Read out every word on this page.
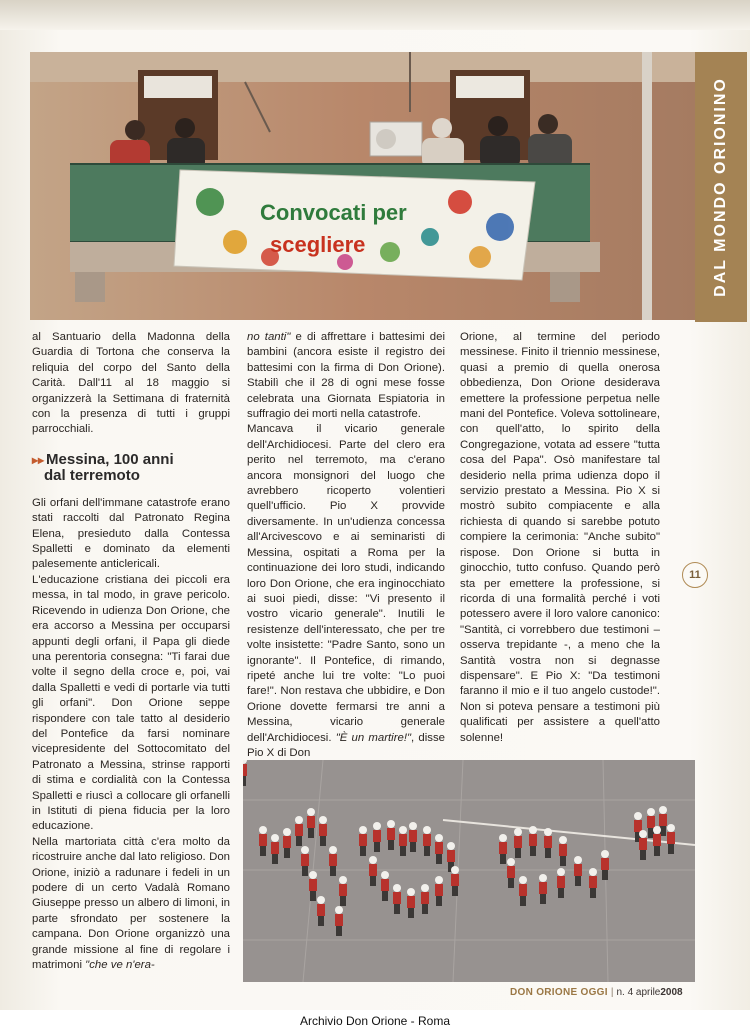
Convocati per
scegliere	DAL MONDO ORIONINO

al Santuario della Madonna della Guardia di Tortona che conserva la reliquia del corpo del Santo della Carità. Dall'11 al 18 maggio si organizzerà la Settimana di fraternità con la presenza di tutti i gruppi parrocchiali.

▸▸ Messina, 100 anni
dal terremoto

Gli orfani dell'immane catastrofe erano stati raccolti dal Patronato Regina Elena, presieduto dalla Contessa Spalletti e dominato da elementi palesemente anticlericali.

L'educazione cristiana dei piccoli era messa, in tal modo, in grave pericolo. Ricevendo in udienza Don Orione, che era accorso a Messina per occuparsi appunti degli orfani, il Papa gli diede una perentoria consegna: "Ti farai due volte il segno della croce e, poi, vai dalla Spalletti e vedi di portarle via tutti gli orfani". Don Orione seppe rispondere con tale tatto al desiderio del Pontefice da farsi nominare vicepresidente del Sottocomitato del Patronato a Messina, strinse rapporti di stima e cordialità con la Contessa Spalletti e riuscì a collocare gli orfanelli in Istituti di piena fiducia per la loro educazione.

Nella martoriata città c'era molto da ricostruire anche dal lato religioso. Don Orione, iniziò a radunare i fedeli in un podere di un certo Vadalà Romano Giuseppe presso un albero di limoni, in parte sfrondato per sostenere la campana. Don Orione organizzò una grande missione al fine di regolare i matrimoni "che ve n'era-

no tanti" e di affrettare i battesimi dei bambini (ancora esiste il registro dei battesimi con la firma di Don Orione). Stabilì che il 28 di ogni mese fosse celebrata una Giornata Espiatoria in suffragio dei morti nella catastrofe.

Mancava il vicario generale dell'Archidiocesi. Parte del clero era perito nel terremoto, ma c'erano ancora monsignori del luogo che avrebbero ricoperto volentieri quell'ufficio. Pio X provvide diversamente. In un'udienza concessa all'Arcivescovo e ai seminaristi di Messina, ospitati a Roma per la continuazione dei loro studi, indicando loro Don Orione, che era inginocchiato ai suoi piedi, disse: "Vi presento il vostro vicario generale". Inutili le resistenze dell'interessato, che per tre volte insistette: "Padre Santo, sono un ignorante". Il Pontefice, di rimando, ripeté anche lui tre volte: "Lo puoi fare!". Non restava che ubbidire, e Don Orione dovette fermarsi tre anni a Messina, vicario generale dell'Archidiocesi. "È un martire!", disse Pio X di Don

Orione, al termine del periodo messinese. Finito il triennio messinese, quasi a premio di quella onerosa obbedienza, Don Orione desiderava emettere la professione perpetua nelle mani del Pontefice. Voleva sottolinearе, con quell'atto, lo spirito della Congregazione, votata ad essere "tutta cosa del Papa". Osò manifestare tal desiderio nella prima udienza dopo il servizio prestato a Messina. Pio X si mostrò subito compiacente e alla richiesta di quando si sarebbe potuto compiere la cerimonia: "Anche subito" rispose. Don Orione si butta in ginocchio, tutto confuso. Quando però sta per emettere la professione, si ricorda di una formalità perché i voti potessero avere il loro valore canonico: "Santità, ci vorrebbero due testimoni – osserva trepidante -, a meno che la Santità vostra non si degnasse dispensare". E Pio X: "Da testimoni faranno il mio e il tuo angelo custode!". Non si poteva pensare a testimoni più qualificati per assistere a quell'atto solenne!

11
DON ORIONE OGGI | n. 4 aprile2008
Archivio Don Orione - Roma
